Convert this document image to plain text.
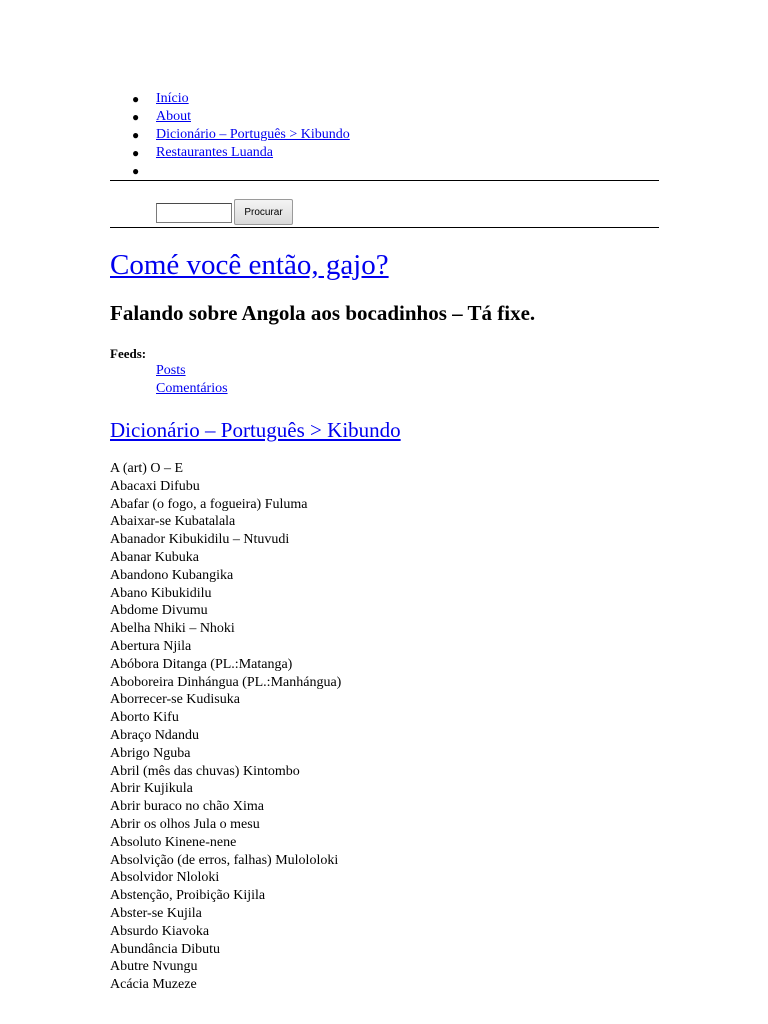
● Início
● About
● Dicionário – Português > Kibundo
● Restaurantes Luanda
●
Procurar
Comé você então, gajo?
Falando sobre Angola aos bocadinhos – Tá fixe.
Feeds:
Posts
Comentários
Dicionário – Português > Kibundo
A (art) O – E
Abacaxi Difubu
Abafar (o fogo, a fogueira) Fuluma
Abaixar-se Kubatalala
Abanador Kibukidilu – Ntuvudi
Abanar Kubuka
Abandono Kubangika
Abano Kibukidilu
Abdome Divumu
Abelha Nhiki – Nhoki
Abertura Njila
Abóbora Ditanga (PL.:Matanga)
Aboboreira Dinhángua (PL.:Manhángua)
Aborrecer-se Kudisuka
Aborto Kifu
Abraço Ndandu
Abrigo Nguba
Abril (mês das chuvas) Kintombo
Abrir Kujikula
Abrir buraco no chão Xima
Abrir os olhos Jula o mesu
Absoluto Kinene-nene
Absolvição (de erros, falhas) Mulololoki
Absolvidor Nloloki
Abstenção, Proibição Kijila
Abster-se Kujila
Absurdo Kiavoka
Abundância Dibutu
Abutre Nvungu
Acácia Muzeze
